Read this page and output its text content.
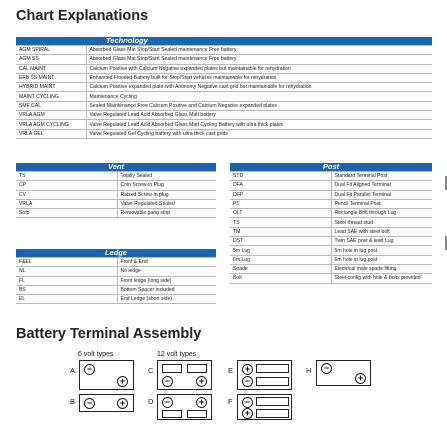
Chart Explanations
Technology
AGM SPIRAL	Absorbed Glass Mat Stop/Start Sealed maintenance Free battery
AGM SS	Absorbed Glass Mat Stop/Start Sealed maintenance Free battery
CAL MAINT	Calcium Positive with Calcium Negative expanded plates but maintainable for rehydration
EFB SS MAINT	Enhanced Flooded Battery built for Stop/Start vehicles maintainable for rehydration
HYBRID MAINT	Calcium Positive expanded plate with Antinomy Negative cast grid but maintainable for rehydration
MAINT CYCLING	Maintenance Cycling
SMF CAL	Sealed Maintenance Free Calcium Positive and Calcium Negative expanded plates
VRLA AGM	Valve Regulated Lead Acid Absorbed Glass Matt battery
VRLA AGM CYCLING	Valve Regulated Lead Acid Absorbed Glass Matt Cycling Battery with ultra thick plates
VRLA GEL	Valve Regulated Gel Cycling battery with ultra thick cast grids
Vent
TS	Totally Sealed
CP	Coin Screw-in Plug
CV	Raised Screw-in plug
VRLA	Valve Regulated Sealed
Strip	Removable gang strip
Post
STD	Standard Terminal Post
DFA	Dual Fit Aligned Terminal
DFP	Dual Fit Parallel Terminal
PT	Pencil Terminal Post
OLT	Rectangle Bolt through Lug
TS	Steel thread stud
TM	Lead SAE with steel bolt
DST	Twin SAE post & lead Lug
5m Lug	5m hole in lug post
6m Lug	6m hole in lug post
Spade	Electrical male spade fitting
Bolt	Steel config with hole & bolts provided
Ledge
F&EL	Front & End
NL	No ledge
FL	Front ledge (long side)
BS	Bottom Spacer included
EL	End Ledge (short side)
Battery Terminal Assembly
6 volt types	12 volt types
A	−
+
B	−	+
C
−	+
D	−	+
E	+
−
F	−
+
H	−
+
